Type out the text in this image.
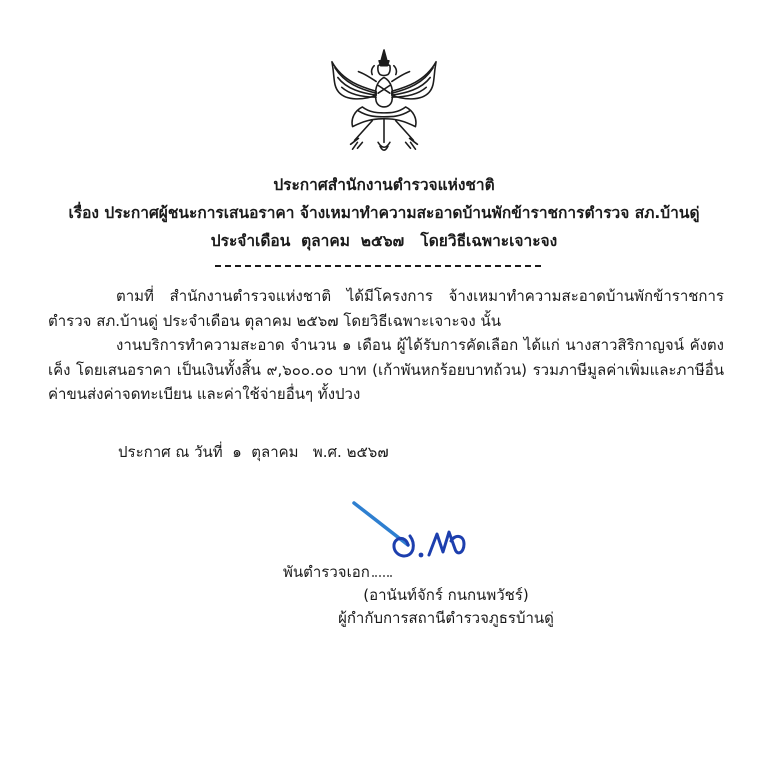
ประกาศสำนักงานตำรวจแห่งชาติ
เรื่อง ประกาศผู้ชนะการเสนอราคา จ้างเหมาทำความสะอาดบ้านพักข้าราชการตำรวจ สภ.บ้านดู่
ประจำเดือน  ตุลาคม  ๒๕๖๗   โดยวิธีเฉพาะเจาะจง

ตามที่ สำนักงานตำรวจแห่งชาติ ได้มีโครงการ จ้างเหมาทำความสะอาดบ้านพักข้าราชการตำรวจ สภ.บ้านดู่ ประจำเดือน ตุลาคม ๒๕๖๗ โดยวิธีเฉพาะเจาะจง นั้น

งานบริการทำความสะอาด จำนวน ๑ เดือน ผู้ได้รับการคัดเลือก ได้แก่ นางสาวสิริกาญจน์ คังตงเค็ง โดยเสนอราคา เป็นเงินทั้งสิ้น ๙,๖๐๐.๐๐ บาท (เก้าพันหกร้อยบาทถ้วน) รวมภาษีมูลค่าเพิ่มและภาษีอื่น ค่าขนส่งค่าจดทะเบียน และค่าใช้จ่ายอื่นๆ ทั้งปวง

ประกาศ ณ วันที่  ๑  ตุลาคม   พ.ศ. ๒๕๖๗
พันตำรวจเอก
(อานันท์จักร์ กนกนพวัชร์)
ผู้กำกับการสถานีตำรวจภูธรบ้านดู่
